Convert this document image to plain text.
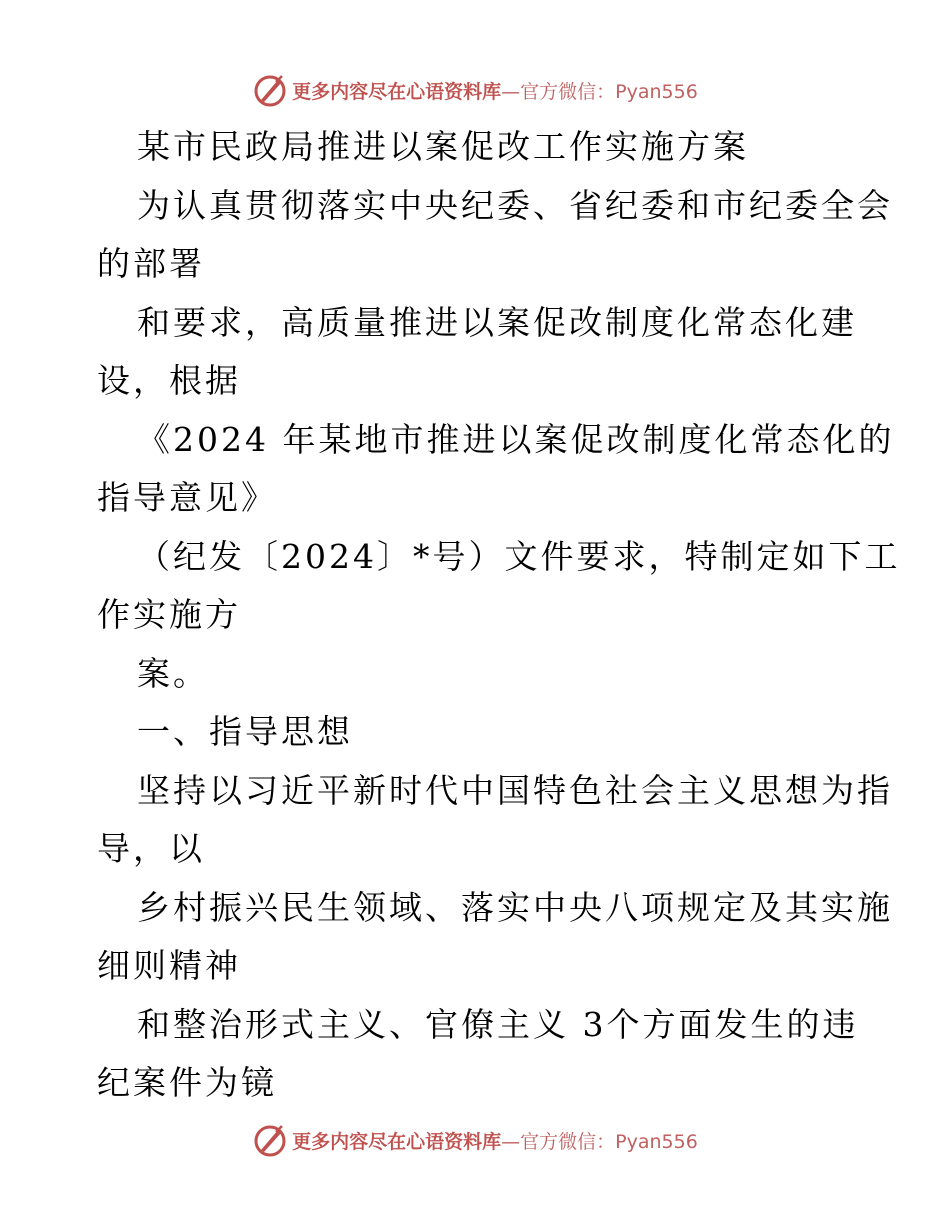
更多内容尽在心语资料库 —官方微信：Pyan556
某市民政局推进以案促改工作实施方案
为认真贯彻落实中央纪委、省纪委和市纪委全会
的部署
和要求，高质量推进以案促改制度化常态化建
设，根据
《2024 年某地市推进以案促改制度化常态化的
指导意见》
（纪发〔2024〕*号）文件要求，特制定如下工
作实施方
案。
一、指导思想
坚持以习近平新时代中国特色社会主义思想为指
导，以
乡村振兴民生领域、落实中央八项规定及其实施
细则精神
和整治形式主义、官僚主义 3个方面发生的违
纪案件为镜
更多内容尽在心语资料库 —官方微信：Pyan556
